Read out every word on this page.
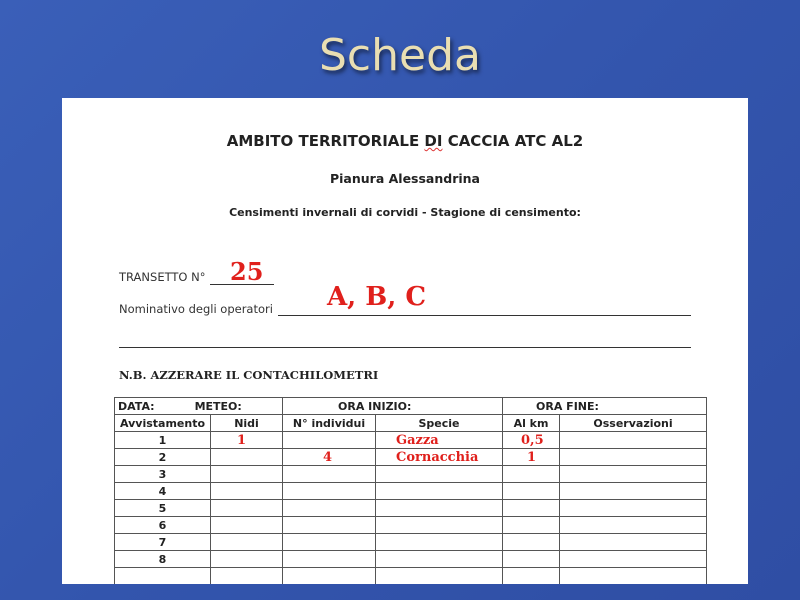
Scheda
AMBITO TERRITORIALE DI CACCIA ATC AL2
Pianura Alessandrina
Censimenti invernali di corvidi - Stagione di censimento:
TRANSETTO N° 25
Nominativo degli operatori A, B, C
N.B. AZZERARE IL CONTACHILOMETRI
DATA: METEO:		ORA INIZIO:		ORA FINE:	
Avvistamento	Nidi	N° individui	Specie	Al km	Osservazioni
1	1		Gazza	0,5	
2		4	Cornacchia	1	
3					
4					
5					
6					
7					
8					
